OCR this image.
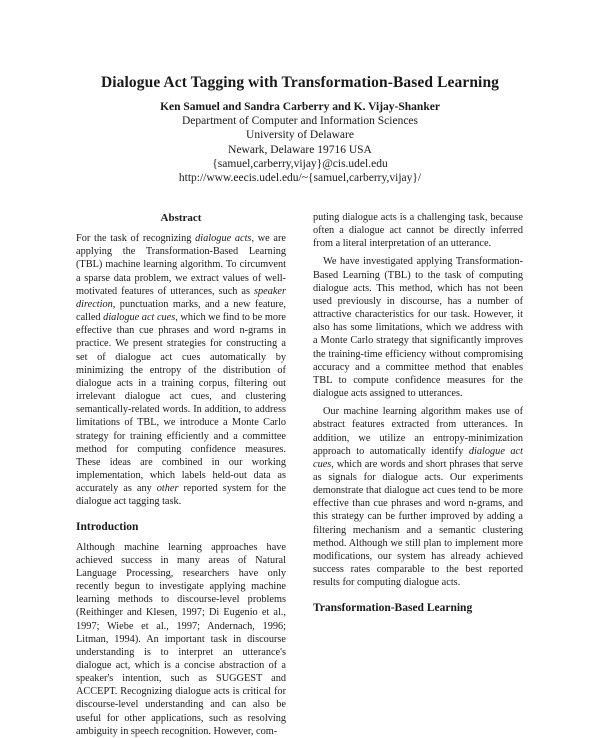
Dialogue Act Tagging with Transformation-Based Learning
Ken Samuel and Sandra Carberry and K. Vijay-Shanker
Department of Computer and Information Sciences
University of Delaware
Newark, Delaware 19716 USA
{samuel,carberry,vijay}@cis.udel.edu
http://www.eecis.udel.edu/~{samuel,carberry,vijay}/
Abstract

For the task of recognizing dialogue acts, we are applying the Transformation-Based Learning (TBL) machine learning algorithm. To circumvent a sparse data problem, we extract values of well-motivated features of utterances, such as speaker direction, punctuation marks, and a new feature, called dialogue act cues, which we find to be more effective than cue phrases and word n-grams in practice. We present strategies for constructing a set of dialogue act cues automatically by minimizing the entropy of the distribution of dialogue acts in a training corpus, filtering out irrelevant dialogue act cues, and clustering semantically-related words. In addition, to address limitations of TBL, we introduce a Monte Carlo strategy for training efficiently and a committee method for computing confidence measures. These ideas are combined in our working implementation, which labels held-out data as accurately as any other reported system for the dialogue act tagging task.

Introduction

Although machine learning approaches have achieved success in many areas of Natural Language Processing, researchers have only recently begun to investigate applying machine learning methods to discourse-level problems (Reithinger and Klesen, 1997; Di Eugenio et al., 1997; Wiebe et al., 1997; Andernach, 1996; Litman, 1994). An important task in discourse understanding is to interpret an utterance's dialogue act, which is a concise abstraction of a speaker's intention, such as SUGGEST and ACCEPT. Recognizing dialogue acts is critical for discourse-level understanding and can also be useful for other applications, such as resolving ambiguity in speech recognition. However, com-

puting dialogue acts is a challenging task, because often a dialogue act cannot be directly inferred from a literal interpretation of an utterance.

We have investigated applying Transformation-Based Learning (TBL) to the task of computing dialogue acts. This method, which has not been used previously in discourse, has a number of attractive characteristics for our task. However, it also has some limitations, which we address with a Monte Carlo strategy that significantly improves the training-time efficiency without compromising accuracy and a committee method that enables TBL to compute confidence measures for the dialogue acts assigned to utterances.

Our machine learning algorithm makes use of abstract features extracted from utterances. In addition, we utilize an entropy-minimization approach to automatically identify dialogue act cues, which are words and short phrases that serve as signals for dialogue acts. Our experiments demonstrate that dialogue act cues tend to be more effective than cue phrases and word n-grams, and this strategy can be further improved by adding a filtering mechanism and a semantic clustering method. Although we still plan to implement more modifications, our system has already achieved success rates comparable to the best reported results for computing dialogue acts.

Transformation-Based Learning
